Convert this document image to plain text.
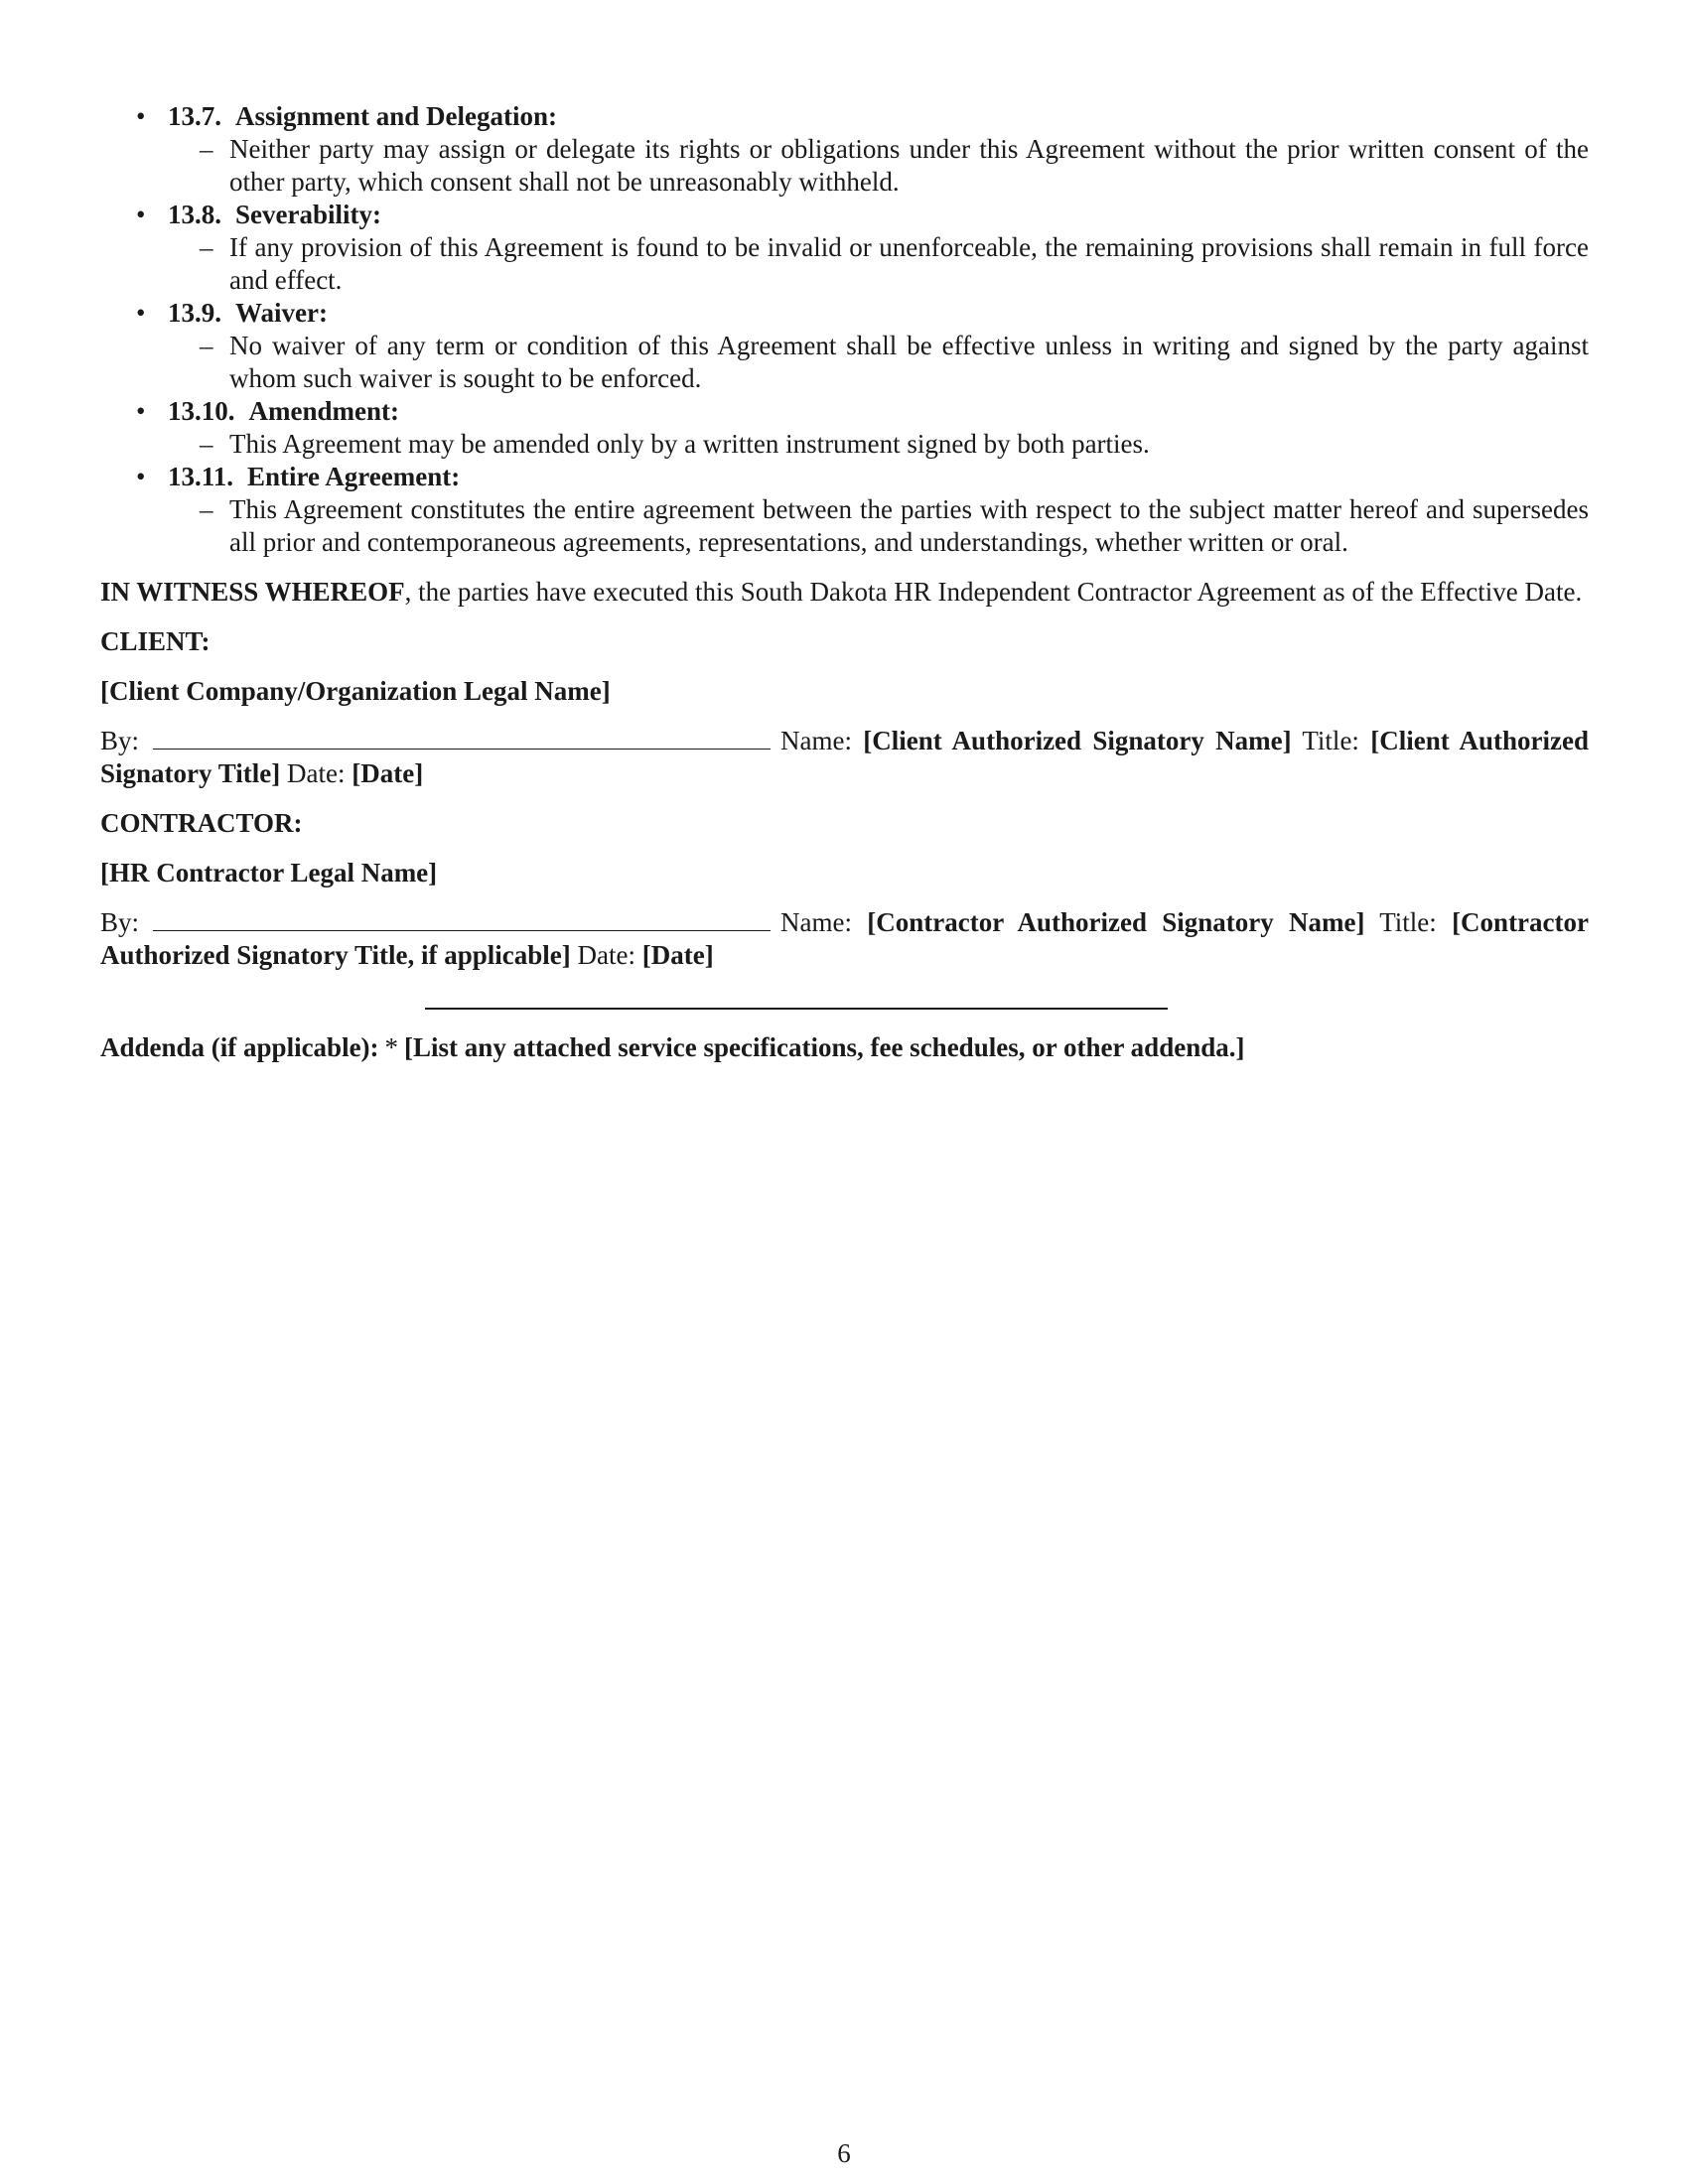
• 13.7. Assignment and Delegation:
– Neither party may assign or delegate its rights or obligations under this Agreement without the prior written consent of the other party, which consent shall not be unreasonably withheld.
• 13.8. Severability:
– If any provision of this Agreement is found to be invalid or unenforceable, the remaining provisions shall remain in full force and effect.
• 13.9. Waiver:
– No waiver of any term or condition of this Agreement shall be effective unless in writing and signed by the party against whom such waiver is sought to be enforced.
• 13.10. Amendment:
– This Agreement may be amended only by a written instrument signed by both parties.
• 13.11. Entire Agreement:
– This Agreement constitutes the entire agreement between the parties with respect to the subject matter hereof and supersedes all prior and contemporaneous agreements, representations, and understandings, whether written or oral.

IN WITNESS WHEREOF, the parties have executed this South Dakota HR Independent Contractor Agreement as of the Effective Date.

CLIENT:

[Client Company/Organization Legal Name]

By:	Name: [Client Authorized Signatory Name] Title: [Client Authorized Signatory Title] Date: [Date]

CONTRACTOR:

[HR Contractor Legal Name]

By:	Name: [Contractor Authorized Signatory Name] Title: [Contractor Authorized Signatory Title, if applicable] Date: [Date]

Addenda (if applicable): * [List any attached service specifications, fee schedules, or other addenda.]

6
